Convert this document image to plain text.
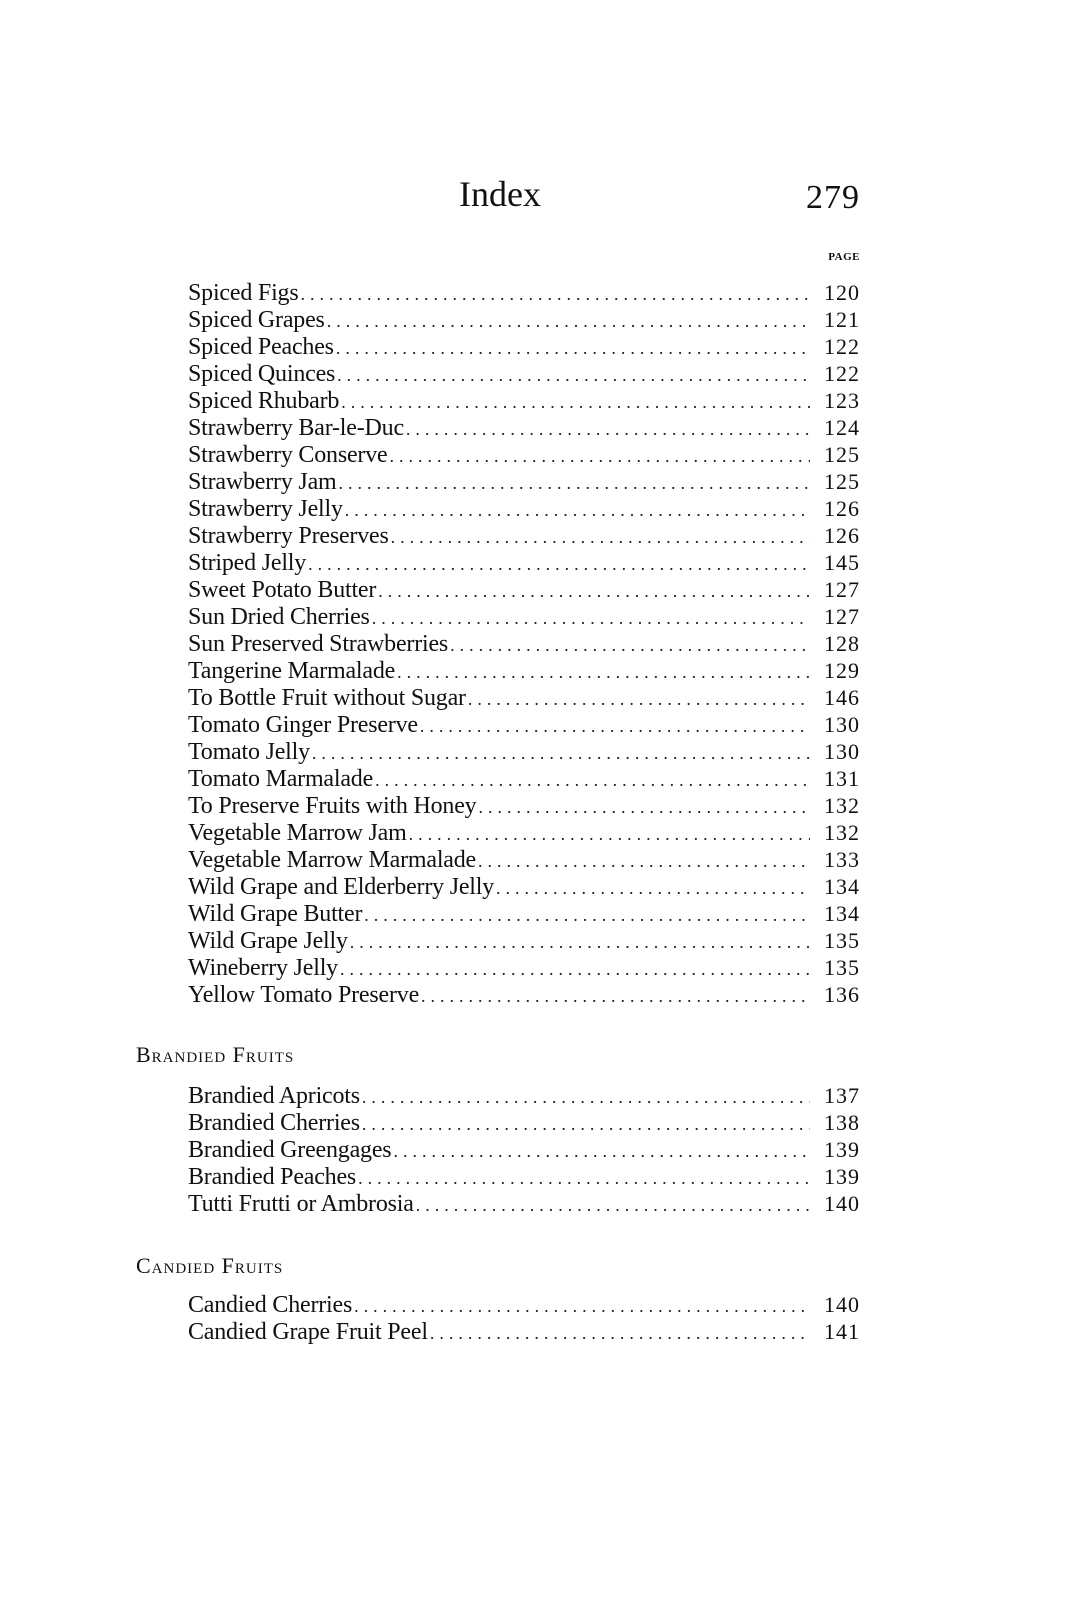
Index	279
PAGE
Spiced Figs .....	120
Spiced Grapes .....	121
Spiced Peaches .....	122
Spiced Quinces .....	122
Spiced Rhubarb .....	123
Strawberry Bar-le-Duc .....	124
Strawberry Conserve .....	125
Strawberry Jam .....	125
Strawberry Jelly .....	126
Strawberry Preserves .....	126
Striped Jelly .....	145
Sweet Potato Butter .....	127
Sun Dried Cherries .....	127
Sun Preserved Strawberries .....	128
Tangerine Marmalade .....	129
To Bottle Fruit without Sugar .....	146
Tomato Ginger Preserve .....	130
Tomato Jelly .....	130
Tomato Marmalade .....	131
To Preserve Fruits with Honey .....	132
Vegetable Marrow Jam .....	132
Vegetable Marrow Marmalade .....	133
Wild Grape and Elderberry Jelly .....	134
Wild Grape Butter .....	134
Wild Grape Jelly .....	135
Wineberry Jelly .....	135
Yellow Tomato Preserve .....	136
Brandied Fruits
Brandied Apricots .....	137
Brandied Cherries .....	138
Brandied Greengages .....	139
Brandied Peaches .....	139
Tutti Frutti or Ambrosia .....	140
Candied Fruits
Candied Cherries .....	140
Candied Grape Fruit Peel .....	141
